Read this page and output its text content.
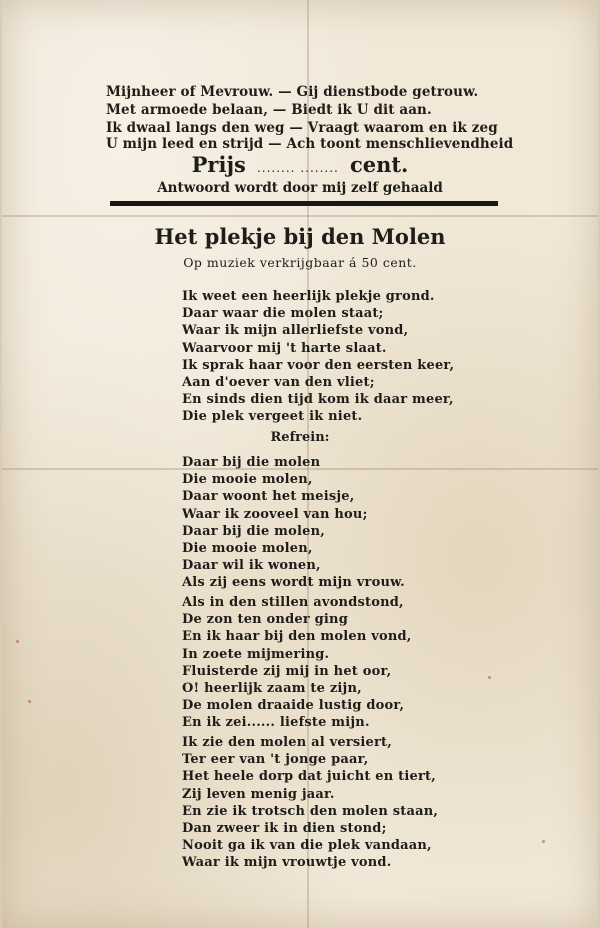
Mijnheer of Mevrouw. — Gij dienstbode getrouw.
Met armoede belaan, — Biedt ik U dit aan.
Ik dwaal langs den weg — Vraagt waarom en ik zeg
U mijn leed en strijd — Ach toont menschlievendheid
Prijs ........ ........ cent.
Antwoord wordt door mij zelf gehaald
Het plekje bij den Molen
Op muziek verkrijgbaar á 50 cent.
Ik weet een heerlijk plekje grond.
Daar waar die molen staat;
Waar ik mijn allerliefste vond,
Waarvoor mij 't harte slaat.
Ik sprak haar voor den eersten keer,
Aan d'oever van den vliet;
En sinds dien tijd kom ik daar meer,
Die plek vergeet ik niet.
Refrein:
Daar bij die molen
Die mooie molen,
Daar woont het meisje,
Waar ik zooveel van hou;
Daar bij die molen,
Die mooie molen,
Daar wil ik wonen,
Als zij eens wordt mijn vrouw.
Als in den stillen avondstond,
De zon ten onder ging
En ik haar bij den molen vond,
In zoete mijmering.
Fluisterde zij mij in het oor,
O! heerlijk zaam te zijn,
De molen draaide lustig door,
En ik zei...... liefste mijn.
Ik zie den molen al versiert,
Ter eer van 't jonge paar,
Het heele dorp dat juicht en tiert,
Zij leven menig jaar.
En zie ik trotsch den molen staan,
Dan zweer ik in dien stond;
Nooit ga ik van die plek vandaan,
Waar ik mijn vrouwtje vond.
